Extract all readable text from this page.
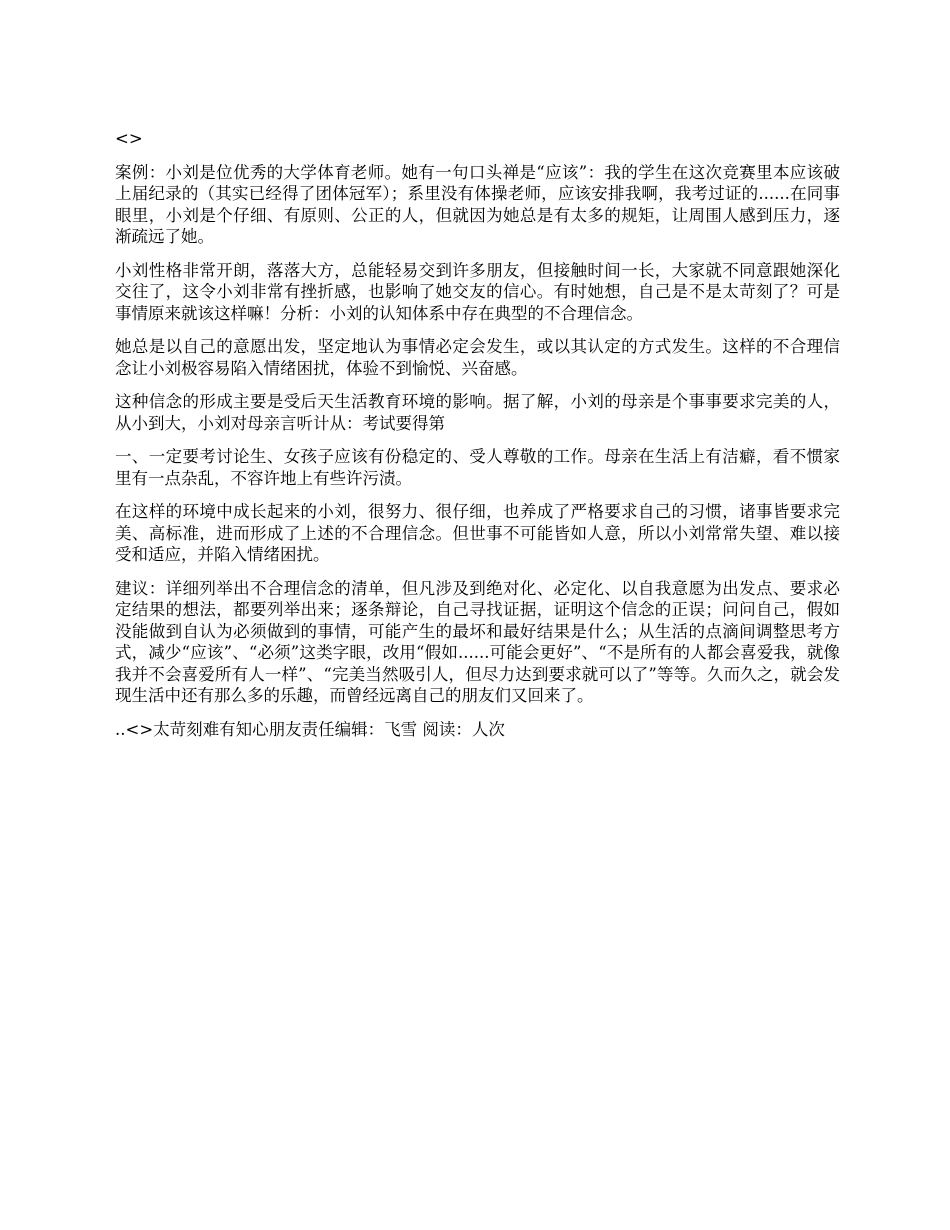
<>

案例：小刘是位优秀的大学体育老师。她有一句口头禅是“应该”：我的学生在这次竞赛里本应该破上届纪录的（其实已经得了团体冠军）；系里没有体操老师，应该安排我啊，我考过证的......在同事眼里，小刘是个仔细、有原则、公正的人，但就因为她总是有太多的规矩，让周围人感到压力，逐渐疏远了她。

小刘性格非常开朗，落落大方，总能轻易交到许多朋友，但接触时间一长，大家就不同意跟她深化交往了，这令小刘非常有挫折感，也影响了她交友的信心。有时她想，自己是不是太苛刻了？可是事情原来就该这样嘛！分析：小刘的认知体系中存在典型的不合理信念。

她总是以自己的意愿出发，坚定地认为事情必定会发生，或以其认定的方式发生。这样的不合理信念让小刘极容易陷入情绪困扰，体验不到愉悦、兴奋感。

这种信念的形成主要是受后天生活教育环境的影响。据了解，小刘的母亲是个事事要求完美的人，从小到大，小刘对母亲言听计从：考试要得第

一、一定要考讨论生、女孩子应该有份稳定的、受人尊敬的工作。母亲在生活上有洁癖，看不惯家里有一点杂乱，不容许地上有些许污渍。

在这样的环境中成长起来的小刘，很努力、很仔细，也养成了严格要求自己的习惯，诸事皆要求完美、高标准，进而形成了上述的不合理信念。但世事不可能皆如人意，所以小刘常常失望、难以接受和适应，并陷入情绪困扰。

建议：详细列举出不合理信念的清单，但凡涉及到绝对化、必定化、以自我意愿为出发点、要求必定结果的想法，都要列举出来；逐条辩论，自己寻找证据，证明这个信念的正误；问问自己，假如没能做到自认为必须做到的事情，可能产生的最坏和最好结果是什么；从生活的点滴间调整思考方式，减少“应该”、“必须”这类字眼，改用“假如......可能会更好”、“不是所有的人都会喜爱我，就像我并不会喜爱所有人一样”、“完美当然吸引人，但尽力达到要求就可以了”等等。久而久之，就会发现生活中还有那么多的乐趣，而曾经远离自己的朋友们又回来了。

..<>太苛刻难有知心朋友责任编辑：飞雪 阅读：人次
